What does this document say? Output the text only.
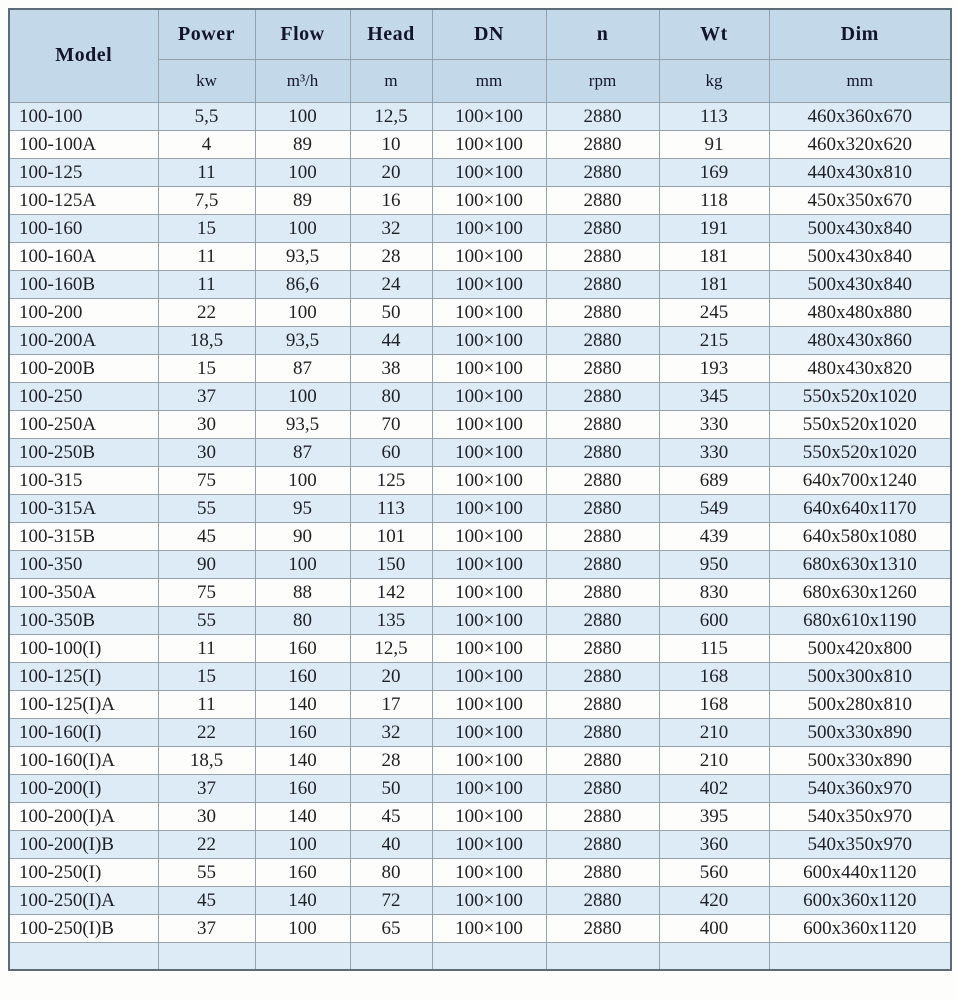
Model	Power	Flow	Head	DN	n	Wt	Dim
	kw	m³/h	m	mm	rpm	kg	mm
100-100	5,5	100	12,5	100×100	2880	113	460x360x670
100-100A	4	89	10	100×100	2880	91	460x320x620
100-125	11	100	20	100×100	2880	169	440x430x810
100-125A	7,5	89	16	100×100	2880	118	450x350x670
100-160	15	100	32	100×100	2880	191	500x430x840
100-160A	11	93,5	28	100×100	2880	181	500x430x840
100-160B	11	86,6	24	100×100	2880	181	500x430x840
100-200	22	100	50	100×100	2880	245	480x480x880
100-200A	18,5	93,5	44	100×100	2880	215	480x430x860
100-200B	15	87	38	100×100	2880	193	480x430x820
100-250	37	100	80	100×100	2880	345	550x520x1020
100-250A	30	93,5	70	100×100	2880	330	550x520x1020
100-250B	30	87	60	100×100	2880	330	550x520x1020
100-315	75	100	125	100×100	2880	689	640x700x1240
100-315A	55	95	113	100×100	2880	549	640x640x1170
100-315B	45	90	101	100×100	2880	439	640x580x1080
100-350	90	100	150	100×100	2880	950	680x630x1310
100-350A	75	88	142	100×100	2880	830	680x630x1260
100-350B	55	80	135	100×100	2880	600	680x610x1190
100-100(I)	11	160	12,5	100×100	2880	115	500x420x800
100-125(I)	15	160	20	100×100	2880	168	500x300x810
100-125(I)A	11	140	17	100×100	2880	168	500x280x810
100-160(I)	22	160	32	100×100	2880	210	500x330x890
100-160(I)A	18,5	140	28	100×100	2880	210	500x330x890
100-200(I)	37	160	50	100×100	2880	402	540x360x970
100-200(I)A	30	140	45	100×100	2880	395	540x350x970
100-200(I)B	22	100	40	100×100	2880	360	540x350x970
100-250(I)	55	160	80	100×100	2880	560	600x440x1120
100-250(I)A	45	140	72	100×100	2880	420	600x360x1120
100-250(I)B	37	100	65	100×100	2880	400	600x360x1120
